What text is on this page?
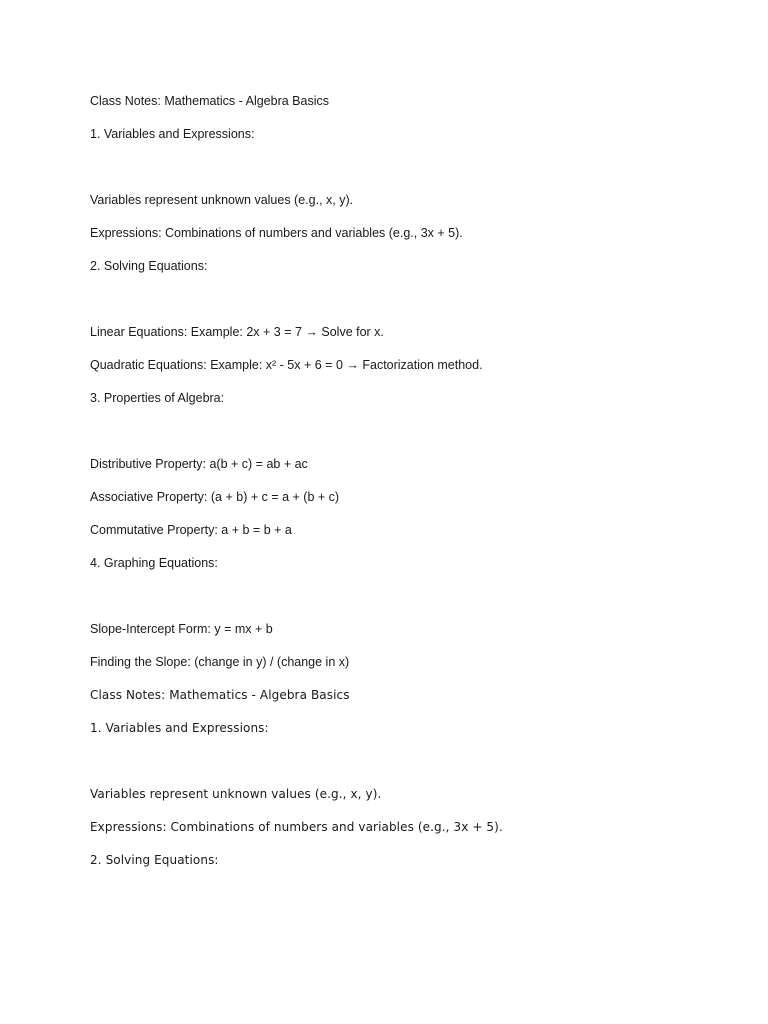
Class Notes: Mathematics - Algebra Basics
1. Variables and Expressions:
Variables represent unknown values (e.g., x, y).
Expressions: Combinations of numbers and variables (e.g., 3x + 5).
2. Solving Equations:
Linear Equations: Example: 2x + 3 = 7 → Solve for x.
Quadratic Equations: Example: x² - 5x + 6 = 0 → Factorization method.
3. Properties of Algebra:
Distributive Property: a(b + c) = ab + ac
Associative Property: (a + b) + c = a + (b + c)
Commutative Property: a + b = b + a
4. Graphing Equations:
Slope-Intercept Form: y = mx + b
Finding the Slope: (change in y) / (change in x)
Class Notes: Mathematics - Algebra Basics
1. Variables and Expressions:
Variables represent unknown values (e.g., x, y).
Expressions: Combinations of numbers and variables (e.g., 3x + 5).
2. Solving Equations:
